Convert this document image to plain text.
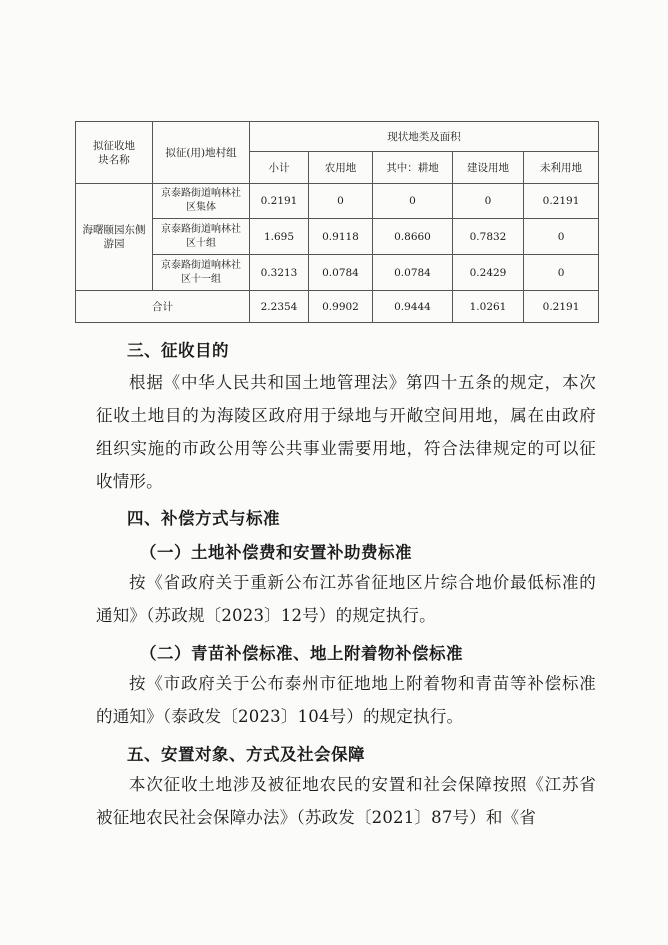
拟征收地块名称	拟征(用)地村组	现状地类及面积				
		小计	农用地	其中：耕地	建设用地	未利用地
海曙颐园东侧游园	京泰路街道响林社区集体	0.2191	0	0	0	0.2191
	京泰路街道响林社区十组	1.695	0.9118	0.8660	0.7832	0
	京泰路街道响林社区十一组	0.3213	0.0784	0.0784	0.2429	0
合计		2.2354	0.9902	0.9444	1.0261	0.2191
三、征收目的

根据《中华人民共和国土地管理法》第四十五条的规定，本次征收土地目的为海陵区政府用于绿地与开敞空间用地，属在由政府组织实施的市政公用等公共事业需要用地，符合法律规定的可以征收情形。

四、补偿方式与标准
（一）土地补偿费和安置补助费标准

按《省政府关于重新公布江苏省征地区片综合地价最低标准的通知》（苏政规〔2023〕12号）的规定执行。

（二）青苗补偿标准、地上附着物补偿标准

按《市政府关于公布泰州市征地地上附着物和青苗等补偿标准的通知》（泰政发〔2023〕104号）的规定执行。

五、安置对象、方式及社会保障

本次征收土地涉及被征地农民的安置和社会保障按照《江苏省被征地农民社会保障办法》（苏政发〔2021〕87号）和《省
